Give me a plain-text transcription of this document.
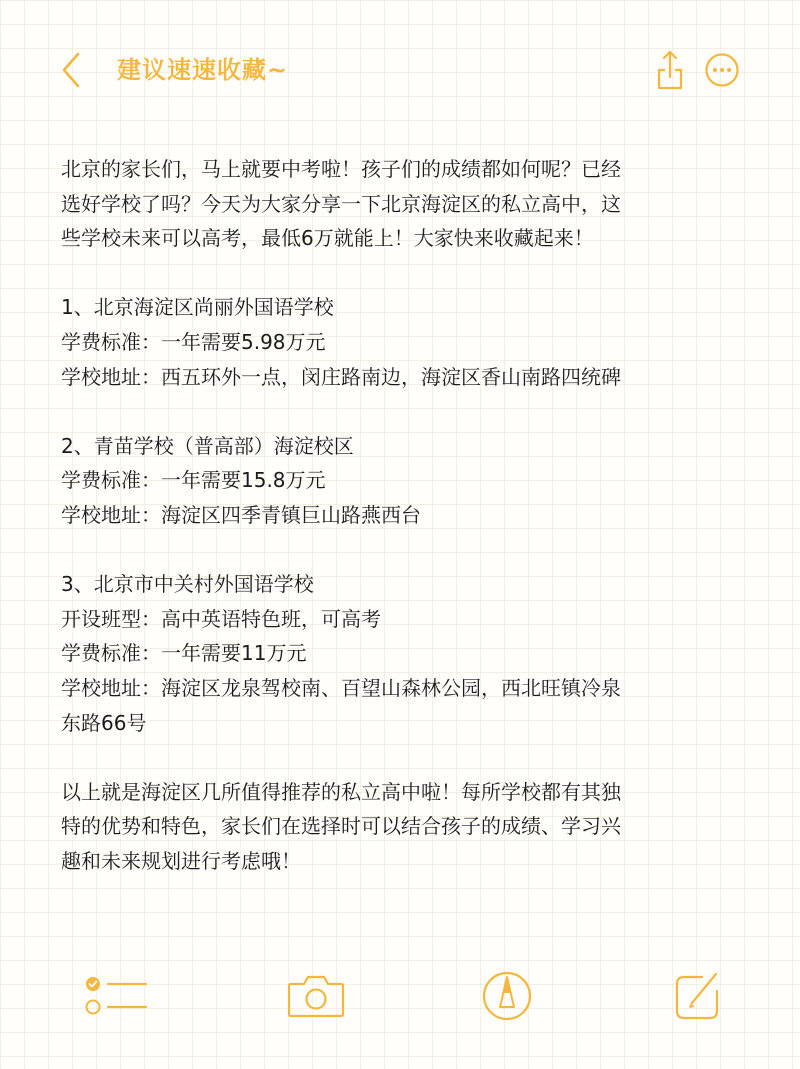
建议速速收藏~

北京的家长们，马上就要中考啦！孩子们的成绩都如何呢？已经

选好学校了吗？今天为大家分享一下北京海淀区的私立高中，这

些学校未来可以高考，最低6万就能上！大家快来收藏起来！

1、北京海淀区尚丽外国语学校

学费标准：一年需要5.98万元

学校地址：西五环外一点，闵庄路南边，海淀区香山南路四统碑

2、青苗学校（普高部）海淀校区

学费标准：一年需要15.8万元

学校地址：海淀区四季青镇巨山路燕西台

3、北京市中关村外国语学校

开设班型：高中英语特色班，可高考

学费标准：一年需要11万元

学校地址：海淀区龙泉驾校南、百望山森林公园，西北旺镇冷泉

东路66号

以上就是海淀区几所值得推荐的私立高中啦！每所学校都有其独

特的优势和特色，家长们在选择时可以结合孩子的成绩、学习兴

趣和未来规划进行考虑哦！
